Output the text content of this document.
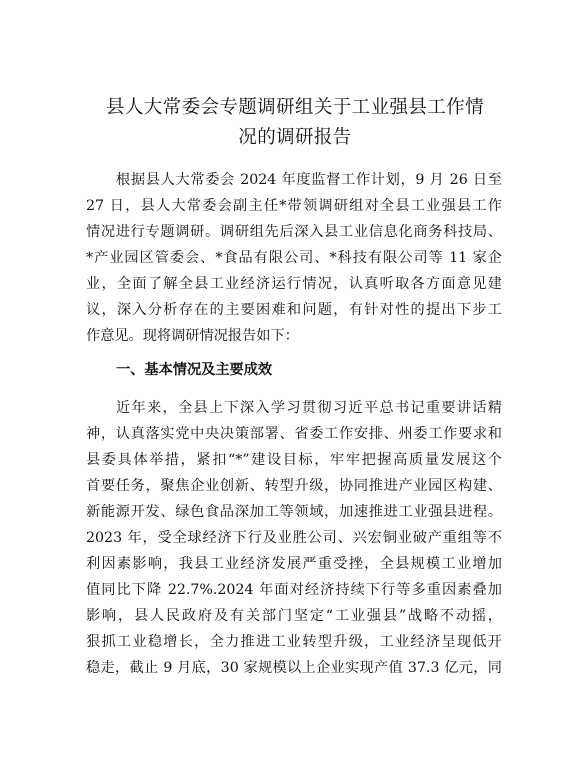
县人大常委会专题调研组关于工业强县工作情
况的调研报告
根据县人大常委会 2024 年度监督工作计划，9 月 26 日至
27 日，县人大常委会副主任*带领调研组对全县工业强县工作
情况进行专题调研。调研组先后深入县工业信息化商务科技局、
*产业园区管委会、*食品有限公司、*科技有限公司等 11 家企
业，全面了解全县工业经济运行情况，认真听取各方面意见建
议，深入分析存在的主要困难和问题，有针对性的提出下步工
作意见。现将调研情况报告如下：
一、基本情况及主要成效
近年来，全县上下深入学习贯彻习近平总书记重要讲话精
神，认真落实党中央决策部署、省委工作安排、州委工作要求和
县委具体举措，紧扣“*”建设目标，牢牢把握高质量发展这个
首要任务，聚焦企业创新、转型升级，协同推进产业园区构建、
新能源开发、绿色食品深加工等领域，加速推进工业强县进程。
2023 年，受全球经济下行及业胜公司、兴宏铜业破产重组等不
利因素影响，我县工业经济发展严重受挫，全县规模工业增加
值同比下降 22.7%.2024 年面对经济持续下行等多重因素叠加
影响，县人民政府及有关部门坚定“工业强县”战略不动摇，
狠抓工业稳增长，全力推进工业转型升级，工业经济呈现低开
稳走，截止 9 月底，30 家规模以上企业实现产值 37.3 亿元，同
